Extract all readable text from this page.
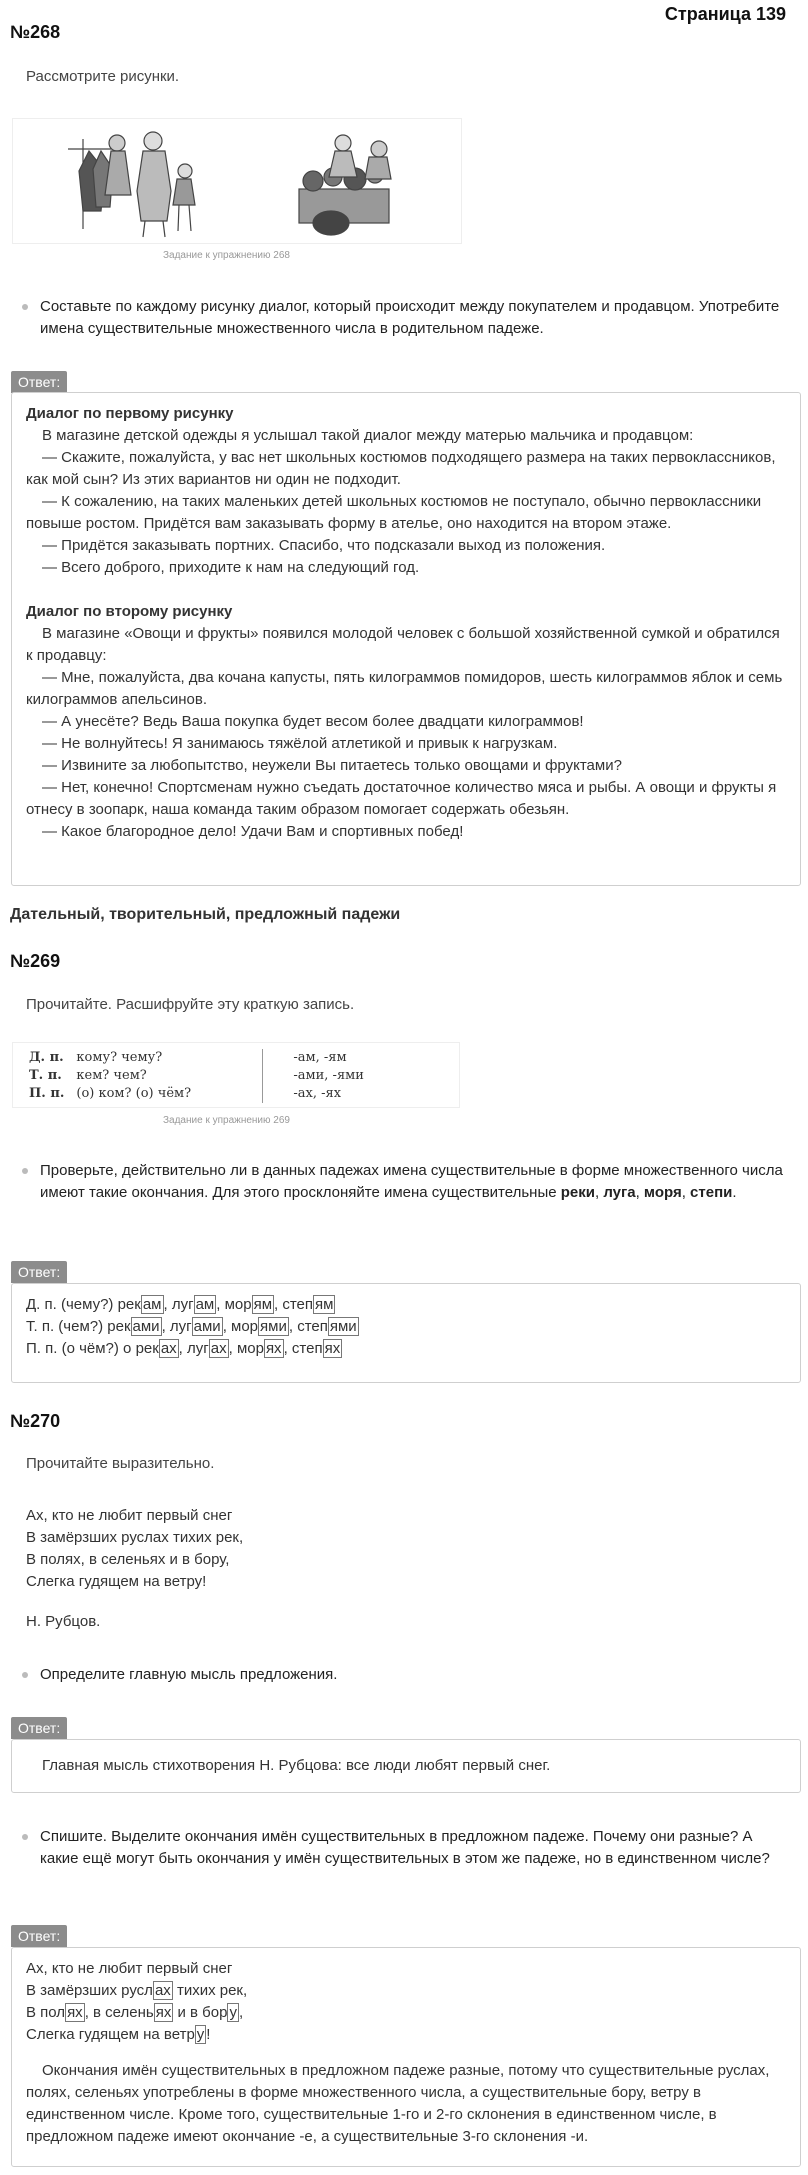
Страница 139

№268

Рассмотрите рисунки.

Задание к упражнению 268
Составьте по каждому рисунку диалог, который происходит между покупателем и продавцом. Употребите имена существительные множественного числа в родительном падеже.
Ответ:

Диалог по первому рисунку

В магазине детской одежды я услышал такой диалог между матерью мальчика и продавцом:

— Скажите, пожалуйста, у вас нет школьных костюмов подходящего размера на таких первоклассников, как мой сын? Из этих вариантов ни один не подходит.

— К сожалению, на таких маленьких детей школьных костюмов не поступало, обычно первоклассники повыше ростом. Придётся вам заказывать форму в ателье, оно находится на втором этаже.

— Придётся заказывать портних. Спасибо, что подсказали выход из положения.

— Всего доброго, приходите к нам на следующий год.

Диалог по второму рисунку

В магазине «Овощи и фрукты» появился молодой человек с большой хозяйственной сумкой и обратился к продавцу:

— Мне, пожалуйста, два кочана капусты, пять килограммов помидоров, шесть килограммов яблок и семь килограммов апельсинов.

— А унесёте? Ведь Ваша покупка будет весом более двадцати килограммов!

— Не волнуйтесь! Я занимаюсь тяжёлой атлетикой и привык к нагрузкам.

— Извините за любопытство, неужели Вы питаетесь только овощами и фруктами?

— Нет, конечно! Спортсменам нужно съедать достаточное количество мяса и рыбы. А овощи и фрукты я отнесу в зоопарк, наша команда таким образом помогает содержать обезьян.

— Какое благородное дело! Удачи Вам и спортивных побед!

Дательный, творительный, предложный падежи

№269

Прочитайте. Расшифруйте эту краткую запись.

Д. п.	кому? чему?	-ам, -ям
Т. п.	кем? чем?	-ами, -ями
П. п.	(о) ком? (о) чём?	-ах, -ях
Задание к упражнению 269
Проверьте, действительно ли в данных падежах имена существительные в форме множественного числа имеют такие окончания. Для этого просклоняйте имена существительные реки, луга, моря, степи.
Ответ:

Д. п. (чему?) рек ам , луг ам , мор ям , степ ям

Т. п. (чем?) рек ами , луг ами , мор ями , степ ями

П. п. (о чём?) о рек ах , луг ах , мор ях , степ ях

№270

Прочитайте выразительно.

Ах, кто не любит первый снег

В замёрзших руслах тихих рек,

В полях, в селеньях и в бору,

Слегка гудящем на ветру!

Н. Рубцов.

Определите главную мысль предложения.
Ответ:

Главная мысль стихотворения Н. Рубцова: все люди любят первый снег.

Спишите. Выделите окончания имён существительных в предложном падеже. Почему они разные? А какие ещё могут быть окончания у имён существительных в этом же падеже, но в единственном числе?
Ответ:

Ах, кто не любит первый снег

В замёрзших русл ах тихих рек,

В пол ях , в селень ях и в бор у ,

Слегка гудящем на ветр у !

Окончания имён существительных в предложном падеже разные, потому что существительные руслах, полях, селеньях употреблены в форме множественного числа, а существительные бору, ветру в единственном числе. Кроме того, существительные 1-го и 2-го склонения в единственном числе, в предложном падеже имеют окончание -е, а существительные 3-го склонения -и.
